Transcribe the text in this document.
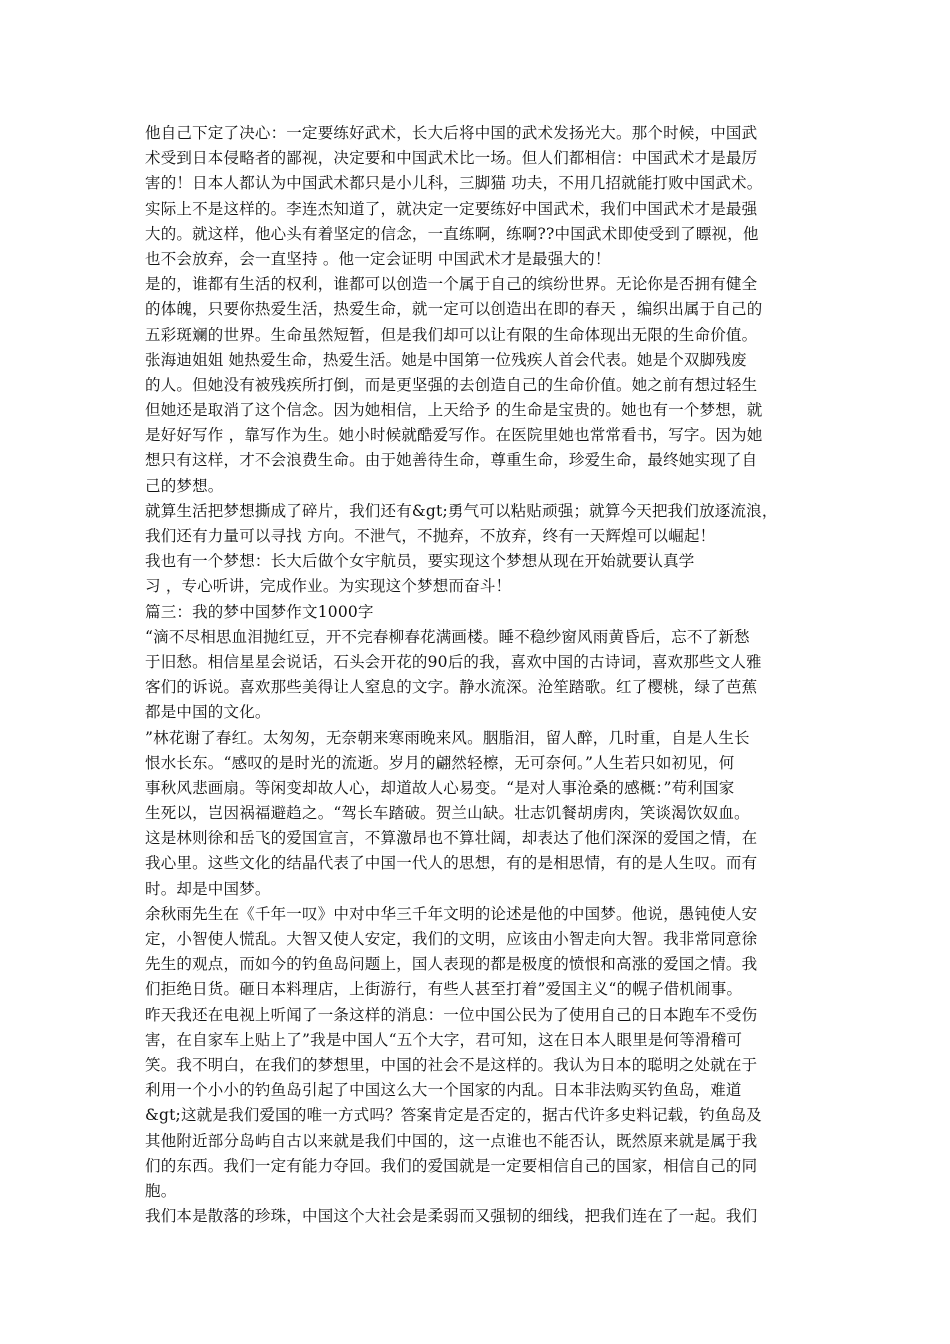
他自己下定了决心：一定要练好武术，长大后将中国的武术发扬光大。那个时候，中国武
术受到日本侵略者的鄙视，决定要和中国武术比一场。但人们都相信：中国武术才是最厉
害的！日本人都认为中国武术都只是小儿科，三脚猫 功夫，不用几招就能打败中国武术。
实际上不是这样的。李连杰知道了，就决定一定要练好中国武术，我们中国武术才是最强
大的。就这样，他心头有着坚定的信念，一直练啊，练啊??中国武术即使受到了瞟视，他
也不会放弃，会一直坚持 。他一定会证明 中国武术才是最强大的！
是的，谁都有生活的权利，谁都可以创造一个属于自己的缤纷世界。无论你是否拥有健全
的体魄，只要你热爱生活，热爱生命，就一定可以创造出在即的春天 ，编织出属于自己的
五彩斑斓的世界。生命虽然短暂，但是我们却可以让有限的生命体现出无限的生命价值。
张海迪姐姐 她热爱生命，热爱生活。她是中国第一位残疾人首会代表。她是个双脚残废
的人。但她没有被残疾所打倒，而是更坚强的去创造自己的生命价值。她之前有想过轻生
但她还是取消了这个信念。因为她相信，上天给予 的生命是宝贵的。她也有一个梦想，就
是好好写作 ，靠写作为生。她小时候就酷爱写作。在医院里她也常常看书，写字。因为她
想只有这样，才不会浪费生命。由于她善待生命，尊重生命，珍爱生命，最终她实现了自
己的梦想。
就算生活把梦想撕成了碎片，我们还有&gt;勇气可以粘贴顽强；就算今天把我们放逐流浪，
我们还有力量可以寻找 方向。不泄气，不抛弃，不放弃，终有一天辉煌可以崛起！
我也有一个梦想：长大后做个女宇航员，要实现这个梦想从现在开始就要认真学
习 ，专心听讲，完成作业。为实现这个梦想而奋斗！
篇三：我的梦中国梦作文1000字
“滴不尽相思血泪抛红豆，开不完春柳春花满画楼。睡不稳纱窗风雨黄昏后，忘不了新愁
于旧愁。相信星星会说话，石头会开花的90后的我，喜欢中国的古诗词，喜欢那些文人雅
客们的诉说。喜欢那些美得让人窒息的文字。静水流深。沧笙踏歌。红了樱桃，绿了芭蕉
都是中国的文化。
”林花谢了春红。太匆匆，无奈朝来寒雨晚来风。胭脂泪，留人醉，几时重，自是人生长
恨水长东。“感叹的是时光的流逝。岁月的翩然轻檫，无可奈何。”人生若只如初见，何
事秋风悲画扇。等闲变却故人心，却道故人心易变。“是对人事沧桑的感概：”苟利国家
生死以，岂因祸福避趋之。“驾长车踏破。贺兰山缺。壮志饥餐胡虏肉，笑谈渴饮奴血。
这是林则徐和岳飞的爱国宣言，不算激昂也不算壮阔，却表达了他们深深的爱国之情，在
我心里。这些文化的结晶代表了中国一代人的思想，有的是相思情，有的是人生叹。而有
时。却是中国梦。
余秋雨先生在《千年一叹》中对中华三千年文明的论述是他的中国梦。他说，愚钝使人安
定，小智使人慌乱。大智又使人安定，我们的文明，应该由小智走向大智。我非常同意徐
先生的观点，而如今的钓鱼岛问题上，国人表现的都是极度的愤恨和高涨的爱国之情。我
们拒绝日货。砸日本料理店，上街游行，有些人甚至打着”爱国主义“的幌子借机闹事。
昨天我还在电视上听闻了一条这样的消息：一位中国公民为了使用自己的日本跑车不受伤
害，在自家车上贴上了”我是中国人“五个大字，君可知，这在日本人眼里是何等滑稽可
笑。我不明白，在我们的梦想里，中国的社会不是这样的。我认为日本的聪明之处就在于
利用一个小小的钓鱼岛引起了中国这么大一个国家的内乱。日本非法购买钓鱼岛，难道
&gt;这就是我们爱国的唯一方式吗？答案肯定是否定的，据古代许多史料记载，钓鱼岛及
其他附近部分岛屿自古以来就是我们中国的，这一点谁也不能否认，既然原来就是属于我
们的东西。我们一定有能力夺回。我们的爱国就是一定要相信自己的国家，相信自己的同
胞。
我们本是散落的珍珠，中国这个大社会是柔弱而又强韧的细线，把我们连在了一起。我们
